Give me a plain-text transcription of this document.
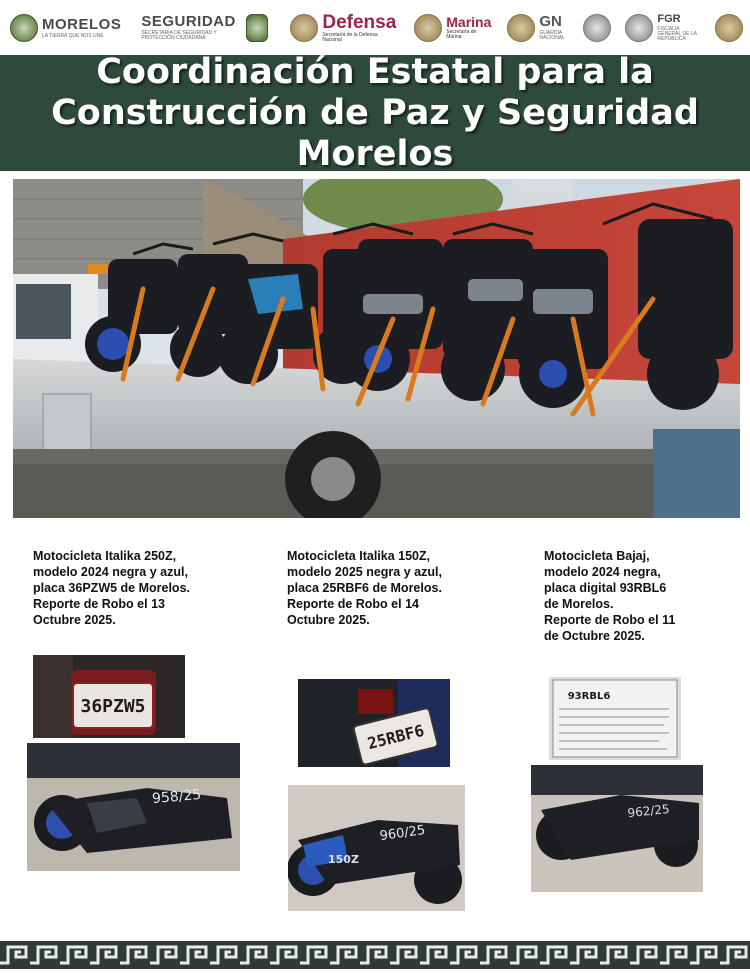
MORELOS
LA TIERRA QUE NOS UNE
SEGURIDAD
SECRETARÍA DE SEGURIDAD Y PROTECCIÓN CIUDADANA
Defensa
Secretaría de la Defensa Nacional
Marina
Secretaría de Marina
GN
GUARDIA NACIONAL
FGR
FISCALÍA GENERAL DE LA REPÚBLICA
Coordinación Estatal para la
Construcción de Paz y Seguridad Morelos
Motocicleta Italika 250Z,
modelo 2024 negra y azul,
placa 36PZW5 de Morelos.
Reporte de Robo el 13
Octubre 2025.
Motocicleta Italika 150Z,
modelo 2025 negra y azul,
placa 25RBF6 de Morelos.
Reporte de Robo el 14
Octubre 2025.
Motocicleta Bajaj,
modelo 2024 negra,
placa digital 93RBL6
de Morelos.
Reporte de Robo el 11
de Octubre 2025.
36PZW5
958/25
25RBF6
150Z
960/25
93RBL6
962/25
